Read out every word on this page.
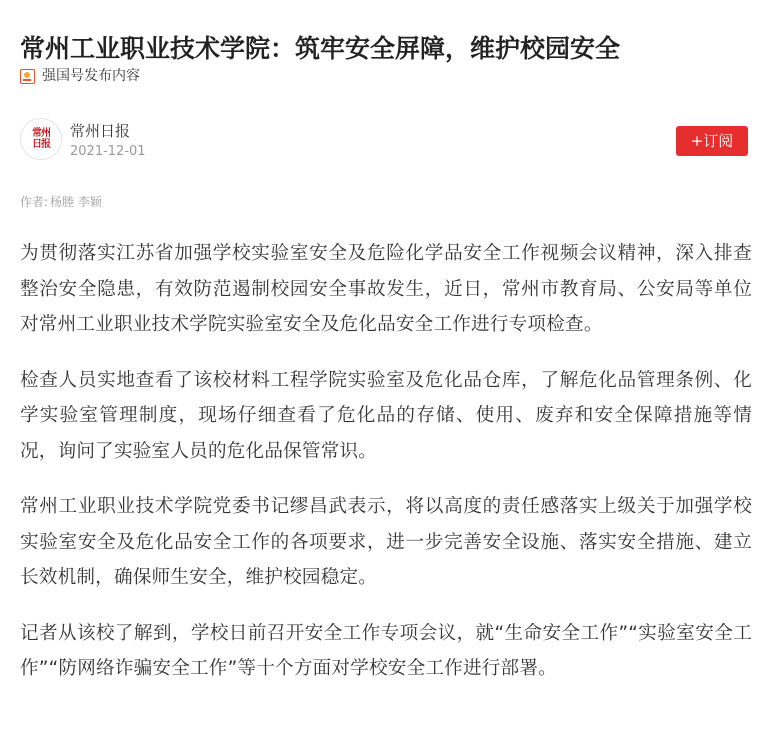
常州工业职业技术学院：筑牢安全屏障，维护校园安全
强国号发布内容
常州
日报
常州日报
2021-12-01
+订阅
作者: 杨塍 李颖

为贯彻落实江苏省加强学校实验室安全及危险化学品安全工作视频会议精神，深入排查整治安全隐患，有效防范遏制校园安全事故发生，近日，常州市教育局、公安局等单位对常州工业职业技术学院实验室安全及危化品安全工作进行专项检查。

检查人员实地查看了该校材料工程学院实验室及危化品仓库，了解危化品管理条例、化学实验室管理制度，现场仔细查看了危化品的存储、使用、废弃和安全保障措施等情况，询问了实验室人员的危化品保管常识。

常州工业职业技术学院党委书记缪昌武表示，将以高度的责任感落实上级关于加强学校实验室安全及危化品安全工作的各项要求，进一步完善安全设施、落实安全措施、建立长效机制，确保师生安全，维护校园稳定。

记者从该校了解到，学校日前召开安全工作专项会议，就“生命安全工作”“实验室安全工作”“防网络诈骗安全工作”等十个方面对学校安全工作进行部署。
